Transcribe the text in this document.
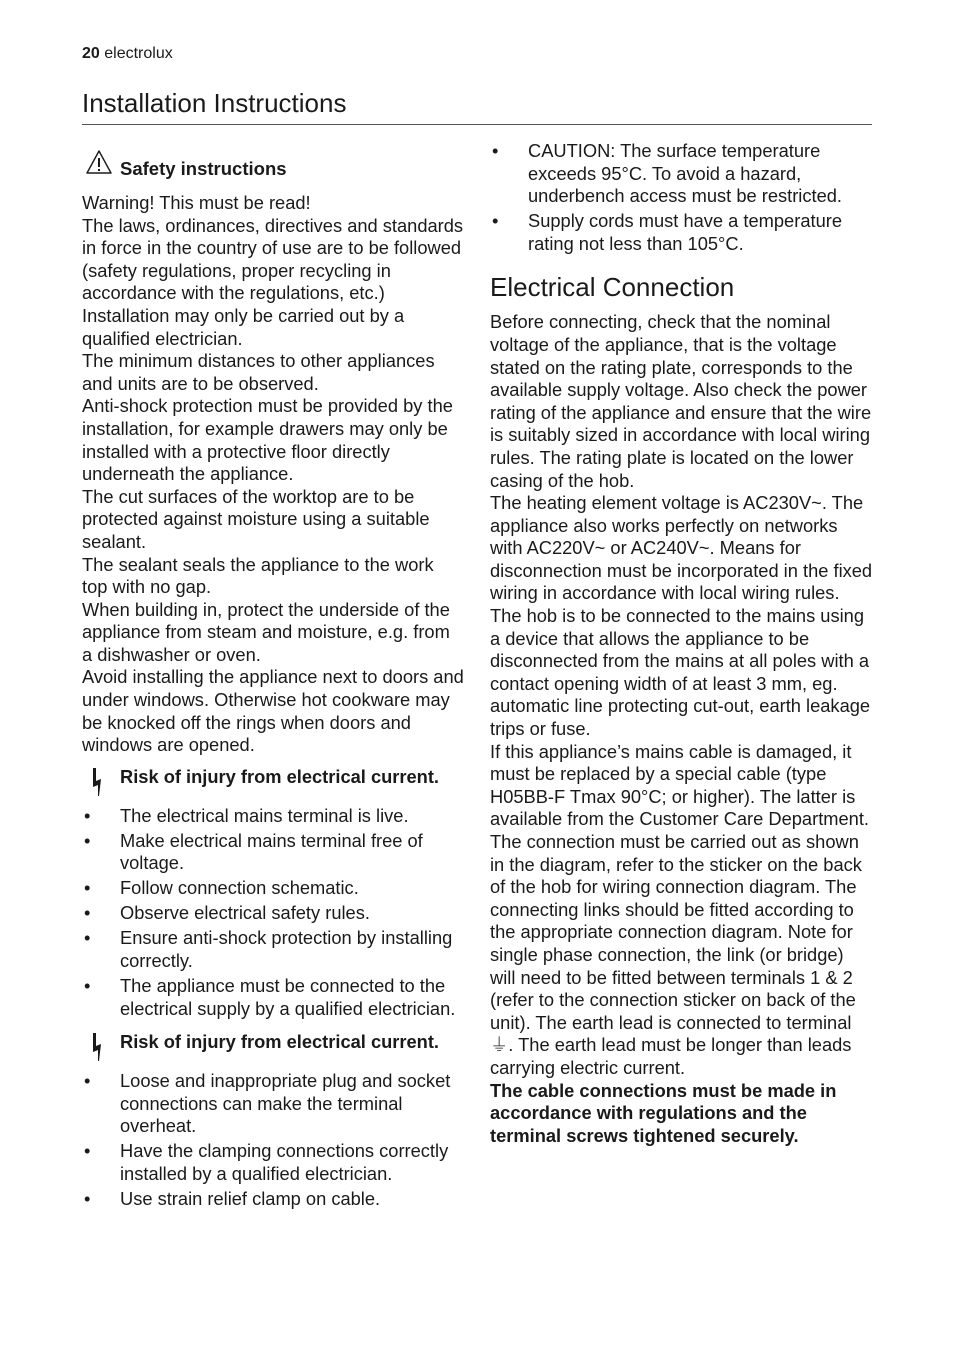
20 electrolux
Installation Instructions
Safety instructions

Warning! This must be read!

The laws, ordinances, directives and standards in force in the country of use are to be followed (safety regulations, proper recycling in accordance with the regulations, etc.)

Installation may only be carried out by a qualified electrician.

The minimum distances to other appliances and units are to be observed.

Anti-shock protection must be provided by the installation, for example drawers may only be installed with a protective floor directly underneath the appliance.

The cut surfaces of the worktop are to be protected against moisture using a suitable sealant.

The sealant seals the appliance to the work top with no gap.

When building in, protect the underside of the appliance from steam and moisture, e.g. from a dishwasher or oven.

Avoid installing the appliance next to doors and under windows. Otherwise hot cookware may be knocked off the rings when doors and windows are opened.

Risk of injury from electrical current.
• The electrical mains terminal is live.
• Make electrical mains terminal free of voltage.
• Follow connection schematic.
• Observe electrical safety rules.
• Ensure anti-shock protection by installing correctly.
• The appliance must be connected to the electrical supply by a qualified electrician.
Risk of injury from electrical current.
• Loose and inappropriate plug and socket connections can make the terminal overheat.
• Have the clamping connections correctly installed by a qualified electrician.
• Use strain relief clamp on cable.
• CAUTION: The surface temperature exceeds 95°C. To avoid a hazard, underbench access must be restricted.
• Supply cords must have a temperature rating not less than 105°C.
Electrical Connection

Before connecting, check that the nominal voltage of the appliance, that is the voltage stated on the rating plate, corresponds to the available supply voltage. Also check the power rating of the appliance and ensure that the wire is suitably sized in accordance with local wiring rules. The rating plate is located on the lower casing of the hob.

The heating element voltage is AC230V~. The appliance also works perfectly on networks with AC220V~ or AC240V~. Means for disconnection must be incorporated in the fixed wiring in accordance with local wiring rules.

The hob is to be connected to the mains using a device that allows the appliance to be disconnected from the mains at all poles with a contact opening width of at least 3 mm, eg. automatic line protecting cut-out, earth leakage trips or fuse.

If this appliance’s mains cable is damaged, it must be replaced by a special cable (type H05BB-F Tmax 90°C; or higher). The latter is available from the Customer Care Department.

The connection must be carried out as shown in the diagram, refer to the sticker on the back of the hob for wiring connection diagram. The connecting links should be fitted according to the appropriate connection diagram. Note for single phase connection, the link (or bridge) will need to be fitted between terminals 1 & 2 (refer to the connection sticker on back of the unit). The earth lead is connected to terminal ⏚. The earth lead must be longer than leads carrying electric current.

The cable connections must be made in accordance with regulations and the terminal screws tightened securely.
